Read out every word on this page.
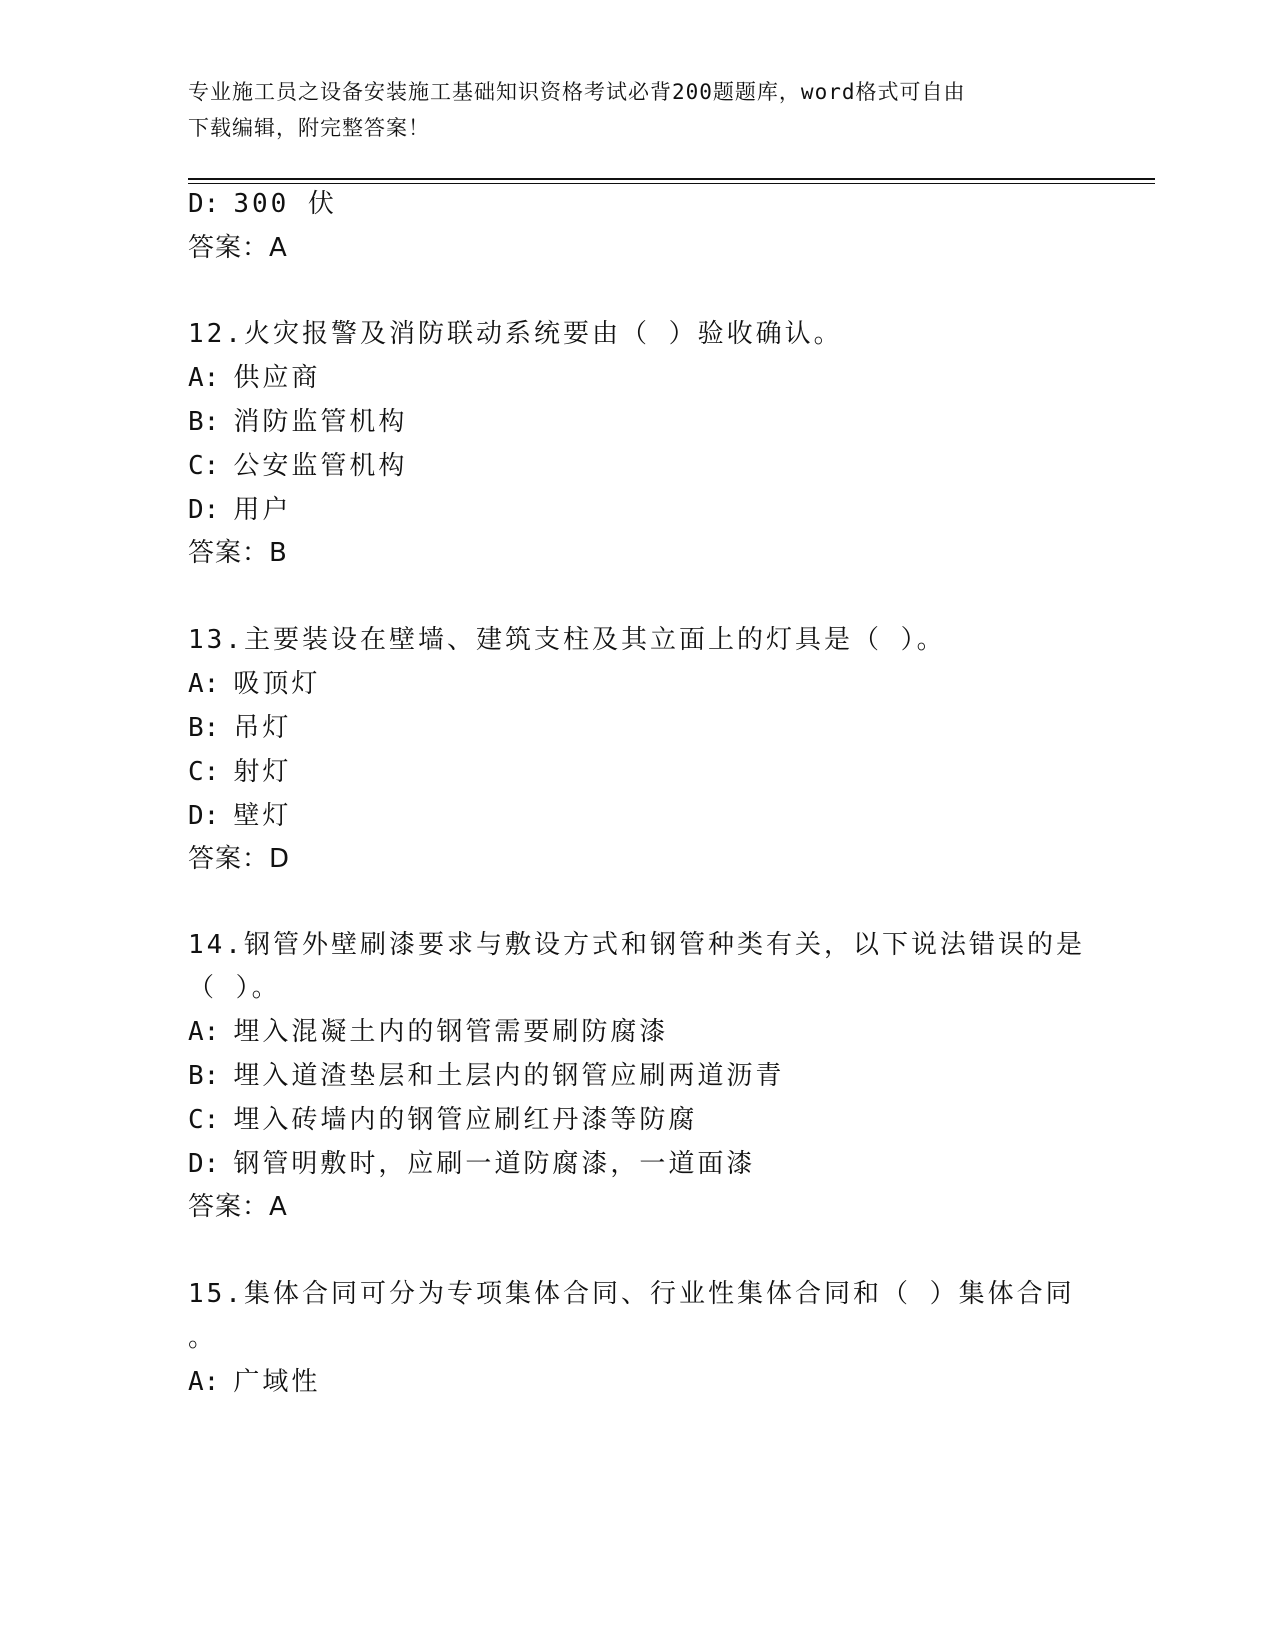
专业施工员之设备安装施工基础知识资格考试必背200题题库，word格式可自由
下载编辑，附完整答案！
D: 300 伏
答案：A
12.火灾报警及消防联动系统要由（ ）验收确认。
A: 供应商
B: 消防监管机构
C: 公安监管机构
D: 用户
答案：B
13.主要装设在壁墙、建筑支柱及其立面上的灯具是（ ）。
A: 吸顶灯
B: 吊灯
C: 射灯
D: 壁灯
答案：D
14.钢管外壁刷漆要求与敷设方式和钢管种类有关，以下说法错误的是
（ ）。
A: 埋入混凝土内的钢管需要刷防腐漆
B: 埋入道渣垫层和土层内的钢管应刷两道沥青
C: 埋入砖墙内的钢管应刷红丹漆等防腐
D: 钢管明敷时，应刷一道防腐漆，一道面漆
答案：A
15.集体合同可分为专项集体合同、行业性集体合同和（ ）集体合同
。
A: 广域性
